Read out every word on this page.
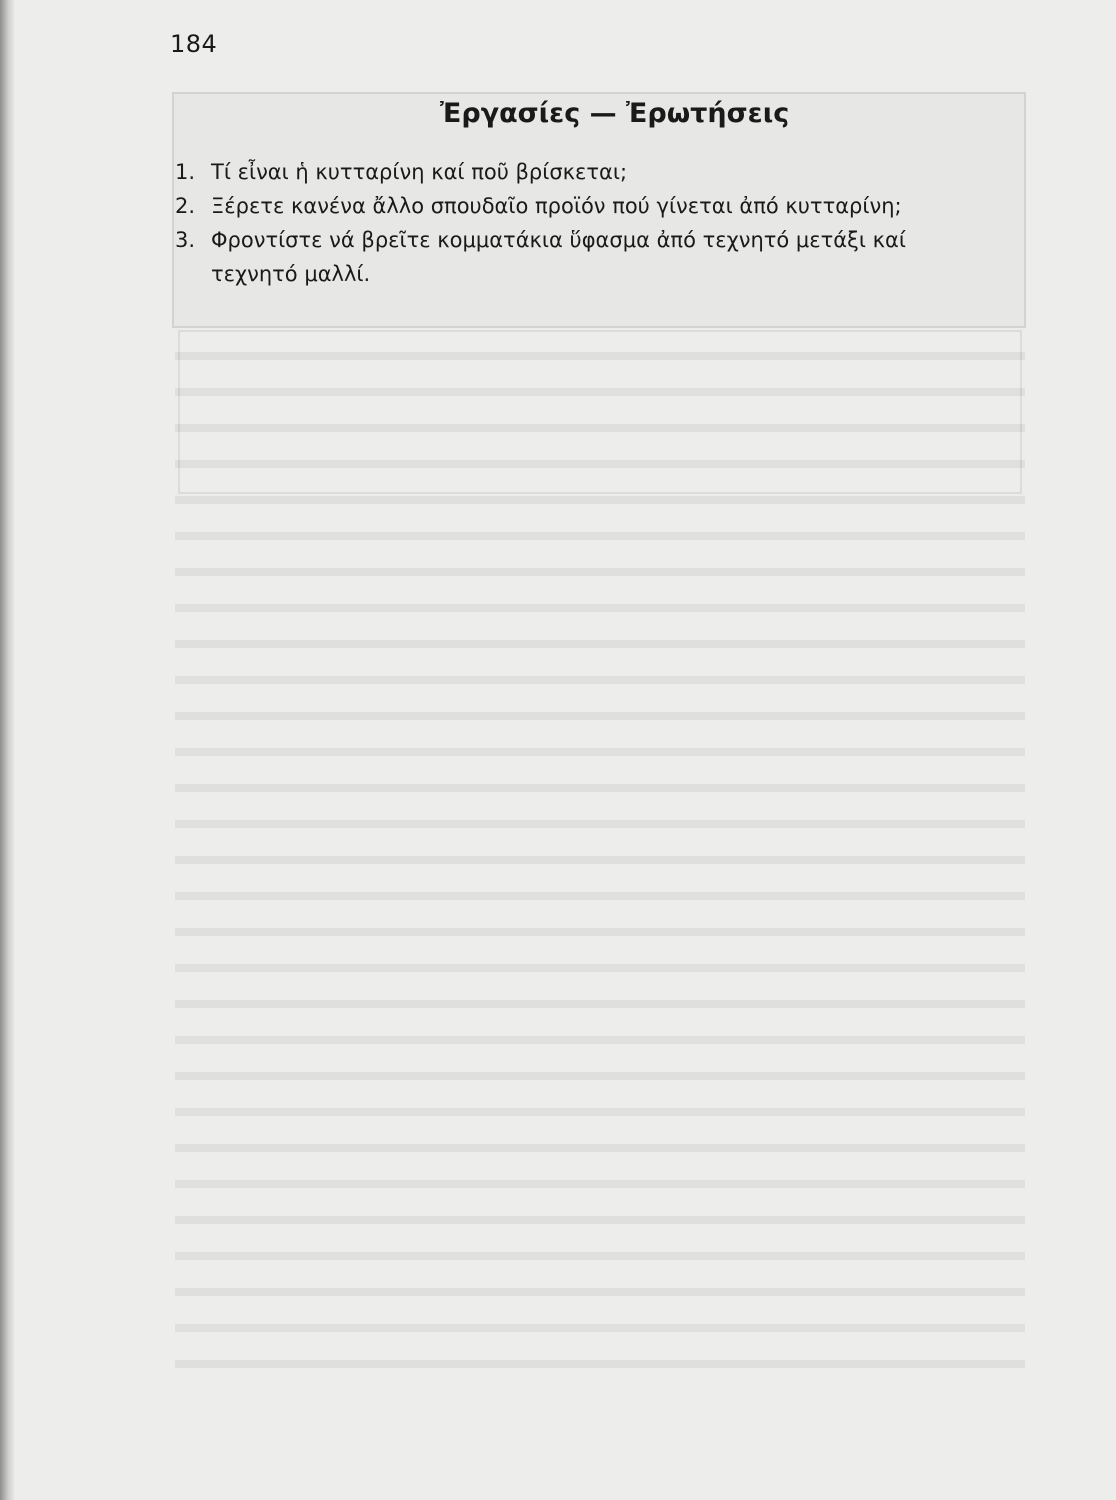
184
Ἐργασίες — Ἐρωτήσεις
1. Τί εἶναι ἡ κυτταρίνη καί ποῦ βρίσκεται;
2. Ξέρετε κανένα ἄλλο σπουδαῖο προϊόν πού γίνεται ἀπό κυτταρίνη;
3. Φροντίστε νά βρεῖτε κομματάκια ὕφασμα ἀπό τεχνητό μετάξι καί τεχνητό μαλλί.
